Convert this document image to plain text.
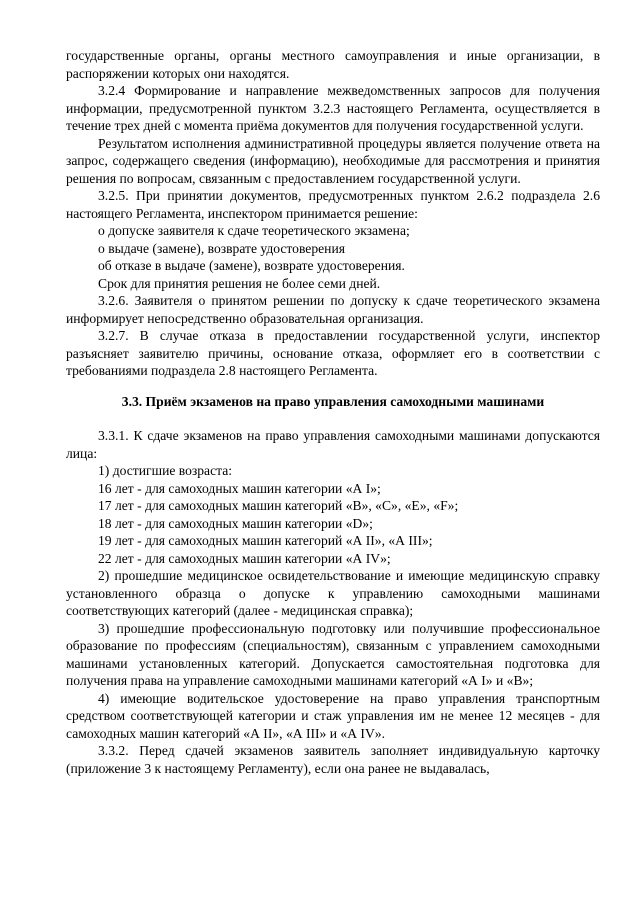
государственные органы, органы местного самоуправления и иные организации, в распоряжении которых они находятся.

3.2.4 Формирование и направление межведомственных запросов для получения информации, предусмотренной пунктом 3.2.3 настоящего Регламента, осуществляется в течение трех дней с момента приёма документов для получения государственной услуги.

Результатом исполнения административной процедуры является получение ответа на запрос, содержащего сведения (информацию), необходимые для рассмотрения и принятия решения по вопросам, связанным с предоставлением государственной услуги.

3.2.5. При принятии документов, предусмотренных пунктом 2.6.2 подраздела 2.6 настоящего Регламента, инспектором принимается решение:

о допуске заявителя к сдаче теоретического экзамена;

о выдаче (замене), возврате удостоверения

об отказе в выдаче (замене), возврате удостоверения.

Срок для принятия решения не более семи дней.

3.2.6. Заявителя о принятом решении по допуску к сдаче теоретического экзамена информирует непосредственно образовательная организация.

3.2.7. В случае отказа в предоставлении государственной услуги, инспектор разъясняет заявителю причины, основание отказа, оформляет его в соответствии с требованиями подраздела 2.8 настоящего Регламента.

3.3. Приём экзаменов на право управления самоходными машинами

3.3.1. К сдаче экзаменов на право управления самоходными машинами допускаются лица:

1) достигшие возраста:

16 лет - для самоходных машин категории «А I»;

17 лет - для самоходных машин категорий «В», «С», «Е», «F»;

18 лет - для самоходных машин категории «D»;

19 лет - для самоходных машин категорий «А II», «А III»;

22 лет - для самоходных машин категории «А IV»;

2) прошедшие медицинское освидетельствование и имеющие медицинскую справку установленного образца о допуске к управлению самоходными машинами соответствующих категорий (далее - медицинская справка);

3) прошедшие профессиональную подготовку или получившие профессиональное образование по профессиям (специальностям), связанным с управлением самоходными машинами установленных категорий. Допускается самостоятельная подготовка для получения права на управление самоходными машинами категорий «А I» и «В»;

4) имеющие водительское удостоверение на право управления транспортным средством соответствующей категории и стаж управления им не менее 12 месяцев - для самоходных машин категорий «А II», «А III» и «А IV».

3.3.2. Перед сдачей экзаменов заявитель заполняет индивидуальную карточку (приложение 3 к настоящему Регламенту), если она ранее не выдавалась,
